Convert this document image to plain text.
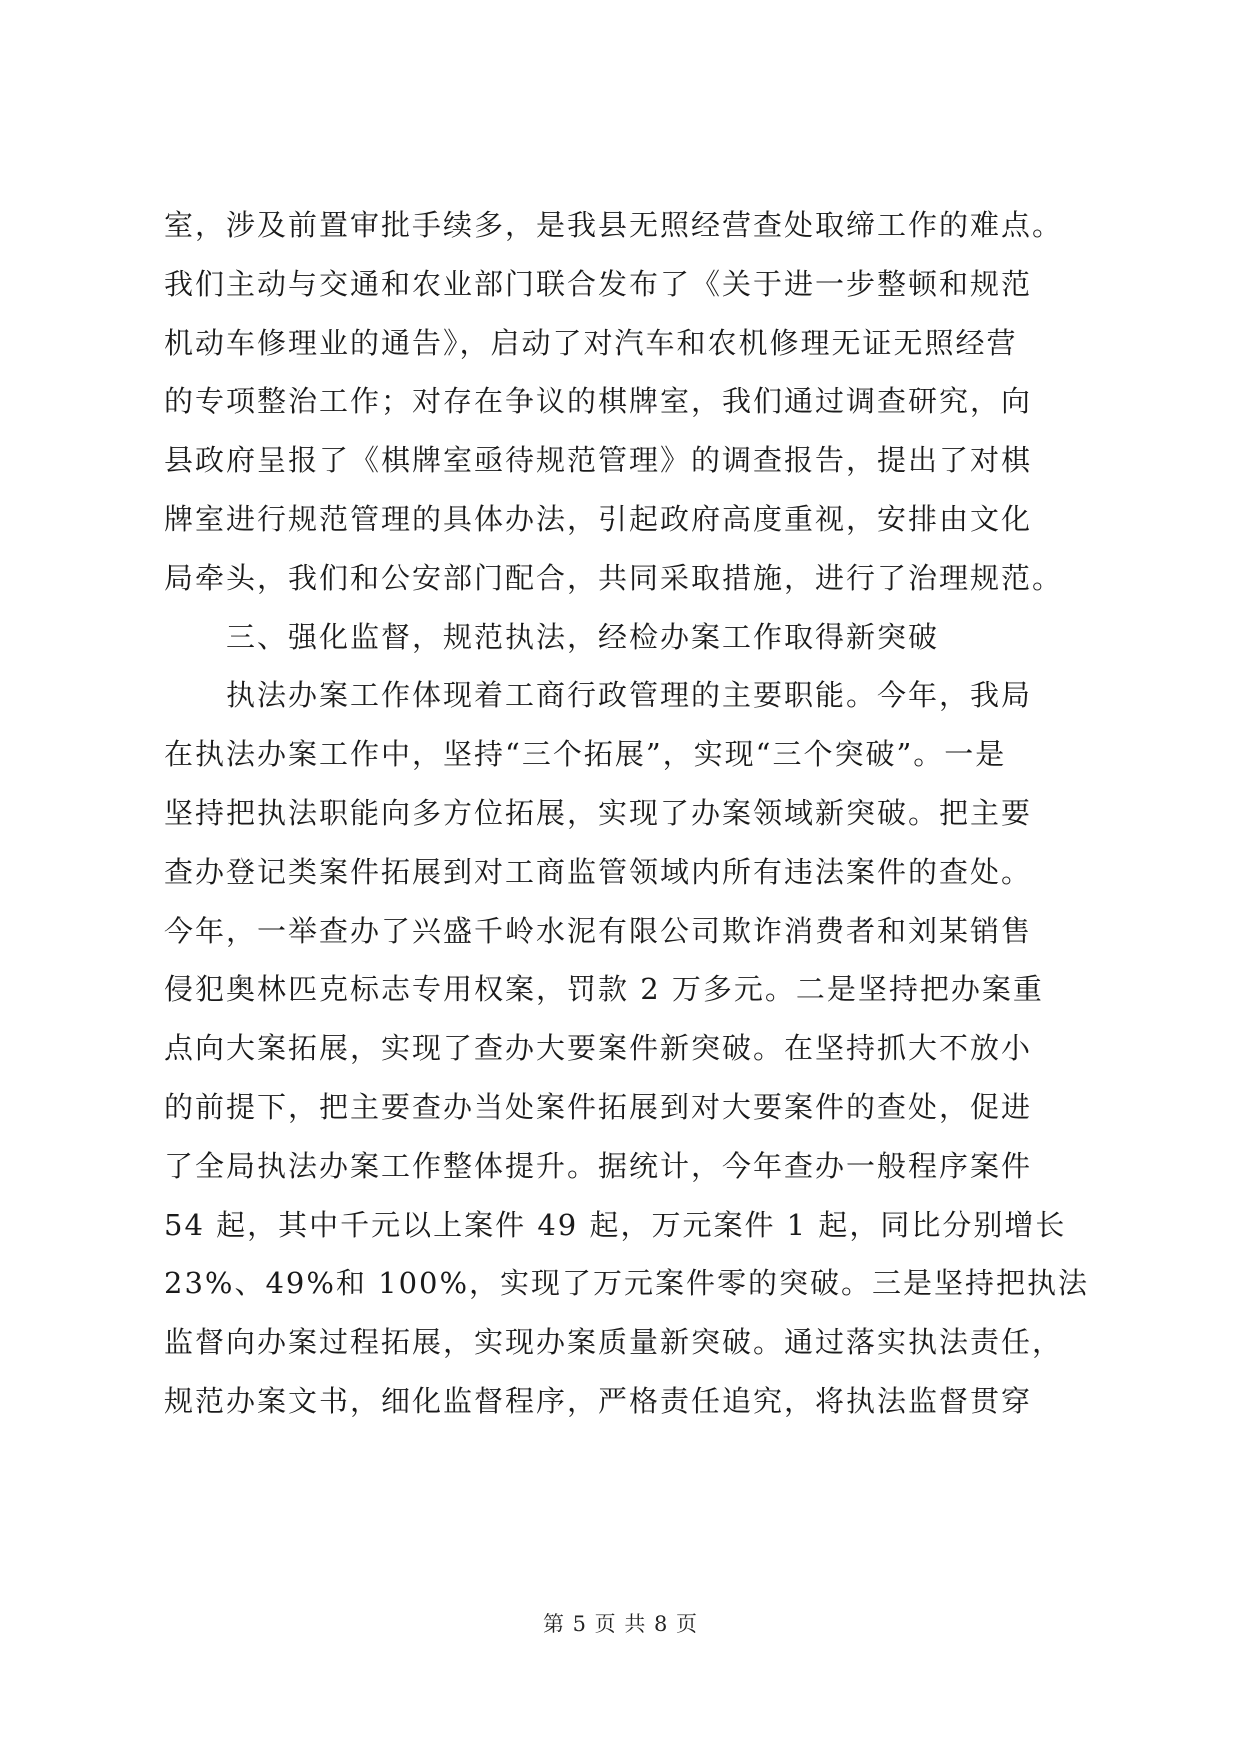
室，涉及前置审批手续多，是我县无照经营查处取缔工作的难点。
我们主动与交通和农业部门联合发布了《关于进一步整顿和规范
机动车修理业的通告》，启动了对汽车和农机修理无证无照经营
的专项整治工作；对存在争议的棋牌室，我们通过调查研究，向
县政府呈报了《棋牌室亟待规范管理》的调查报告，提出了对棋
牌室进行规范管理的具体办法，引起政府高度重视，安排由文化
局牵头，我们和公安部门配合，共同采取措施，进行了治理规范。
三、强化监督，规范执法，经检办案工作取得新突破
执法办案工作体现着工商行政管理的主要职能。今年，我局
在执法办案工作中，坚持“三个拓展”，实现“三个突破”。一是
坚持把执法职能向多方位拓展，实现了办案领域新突破。把主要
查办登记类案件拓展到对工商监管领域内所有违法案件的查处。
今年，一举查办了兴盛千岭水泥有限公司欺诈消费者和刘某销售
侵犯奥林匹克标志专用权案，罚款 2 万多元。二是坚持把办案重
点向大案拓展，实现了查办大要案件新突破。在坚持抓大不放小
的前提下，把主要查办当处案件拓展到对大要案件的查处，促进
了全局执法办案工作整体提升。据统计，今年查办一般程序案件
54 起，其中千元以上案件 49 起，万元案件 1 起，同比分别增长
23%、49%和 100%，实现了万元案件零的突破。三是坚持把执法
监督向办案过程拓展，实现办案质量新突破。通过落实执法责任，
规范办案文书，细化监督程序，严格责任追究，将执法监督贯穿
第 5 页 共 8 页
